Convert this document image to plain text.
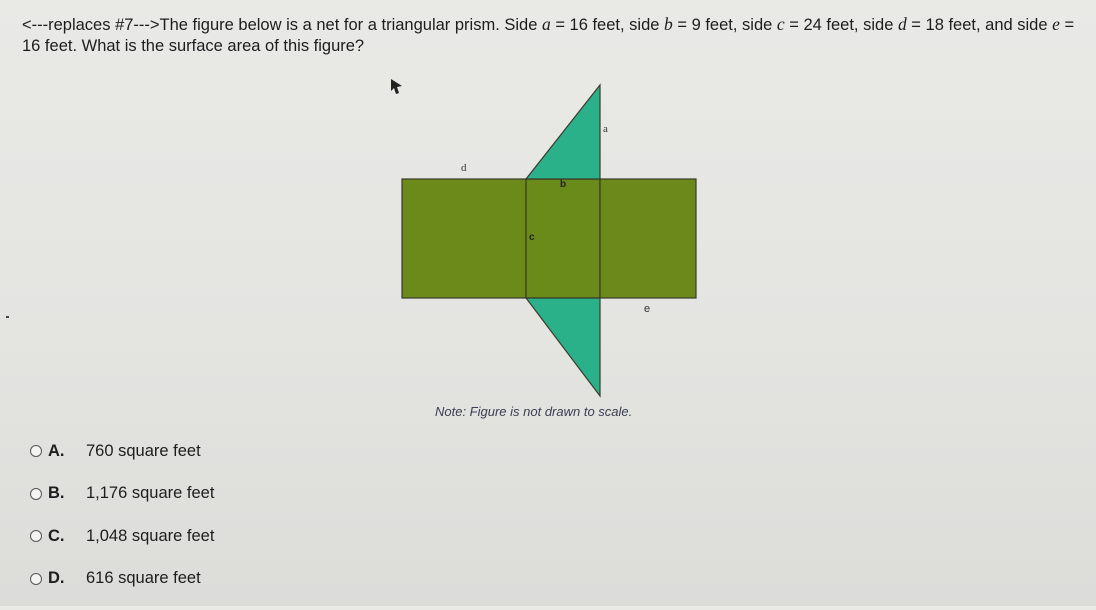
<---replaces #7--->The figure below is a net for a triangular prism. Side a = 16 feet, side b = 9 feet, side c = 24 feet, side d = 18 feet, and side e = 16 feet. What is the surface area of this figure?

d
a
b
c
e
Note: Figure is not drawn to scale.
A.	760 square feet
B.	1,176 square feet
C.	1,048 square feet
D.	616 square feet
